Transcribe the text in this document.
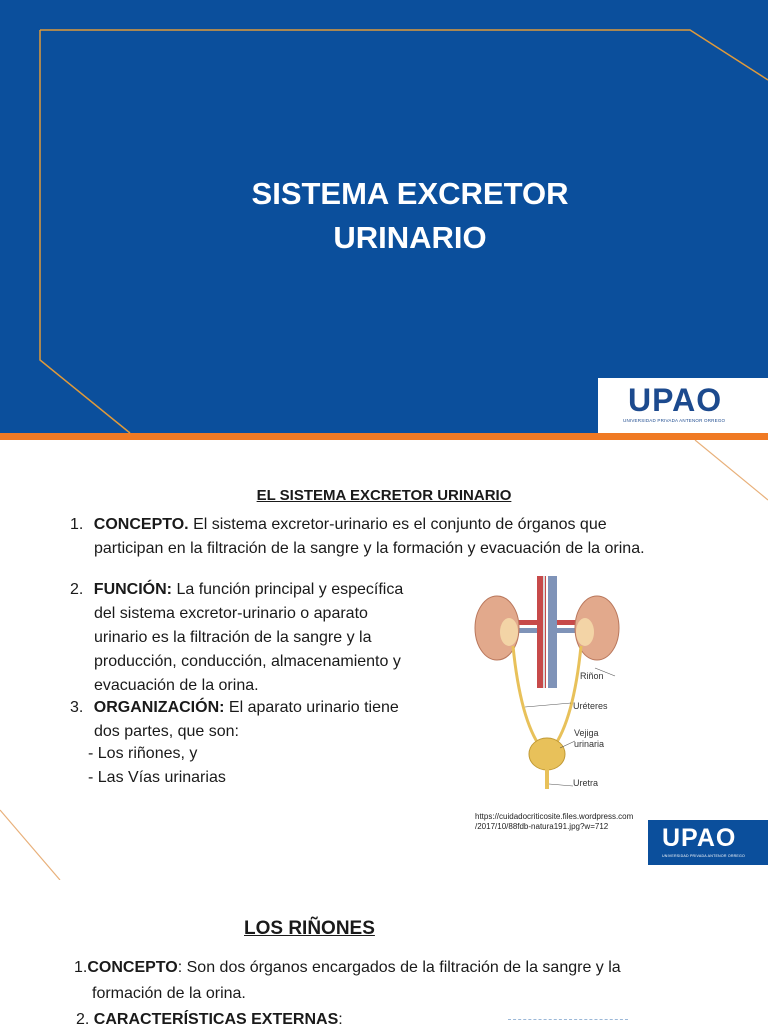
SISTEMA EXCRETOR
URINARIO
UPAO
UNIVERSIDAD PRIVADA ANTENOR ORREGO
EL SISTEMA EXCRETOR URINARIO
1. CONCEPTO. El sistema excretor-urinario es el conjunto de órganos que
participan en la filtración de la sangre y la formación y evacuación de la orina.
2. FUNCIÓN: La función principal y específica
del sistema excretor-urinario o aparato
urinario es la filtración de la sangre y la
producción, conducción, almacenamiento y
evacuación de la orina.
3. ORGANIZACIÓN: El aparato urinario tiene
dos partes, que son:
- Los riñones, y
- Las Vías urinarias
Riñon
Uréteres
Vejiga
urinaria
Uretra
https://cuidadocriticosite.files.wordpress.com
/2017/10/88fdb-natura191.jpg?w=712	UPAO
UNIVERSIDAD PRIVADA ANTENOR ORREGO
LOS RIÑONES
1.CONCEPTO: Son dos órganos encargados de la filtración de la sangre y la
formación de la orina.
2. CARACTERÍSTICAS EXTERNAS:
